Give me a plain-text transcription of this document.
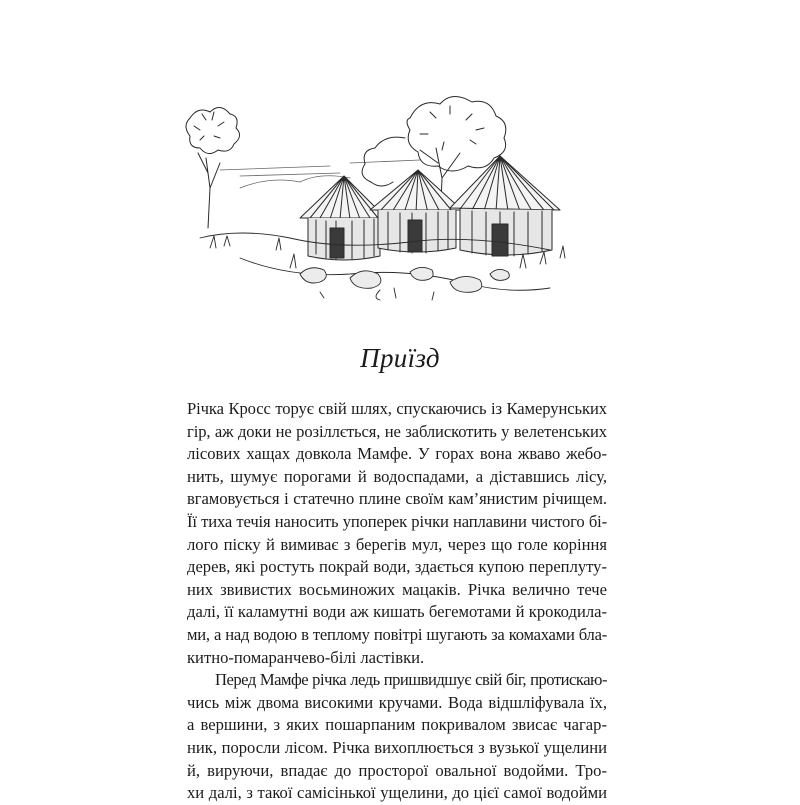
Приїзд
Річка Кросс торує свій шлях, спускаючись із Камерунських
гір, аж доки не розіллється, не заблискотить у велетенських
лісових хащах довкола Мамфе. У горах вона жваво жебо-
нить, шумує порогами й водоспадами, а діставшись лісу,
вгамовується і статечно плине своїм кам’янистим річищем.
Її тиха течія наносить упоперек річки наплавини чистого бі-
лого піску й вимиває з берегів мул, через що голе коріння
дерев, які ростуть покрай води, здається купою переплуту-
них звивистих восьминожих мацаків. Річка велично тече
далі, її каламутні води аж кишать бегемотами й крокодила-
ми, а над водою в теплому повітрі шугають за комахами бла-
китно-помаранчево-білі ластівки.
Перед Мамфе річка ледь пришвидшує свій біг, протискаю-
чись між двома високими кручами. Вода відшліфувала їх,
а вершини, з яких пошарпаним покривалом звисає чагар-
ник, поросли лісом. Річка вихоплюється з вузької ущелини
й, вируючи, впадає до просторої овальної водойми. Тро-
хи далі, з такої самісінької ущелини, до цієї самої водойми
